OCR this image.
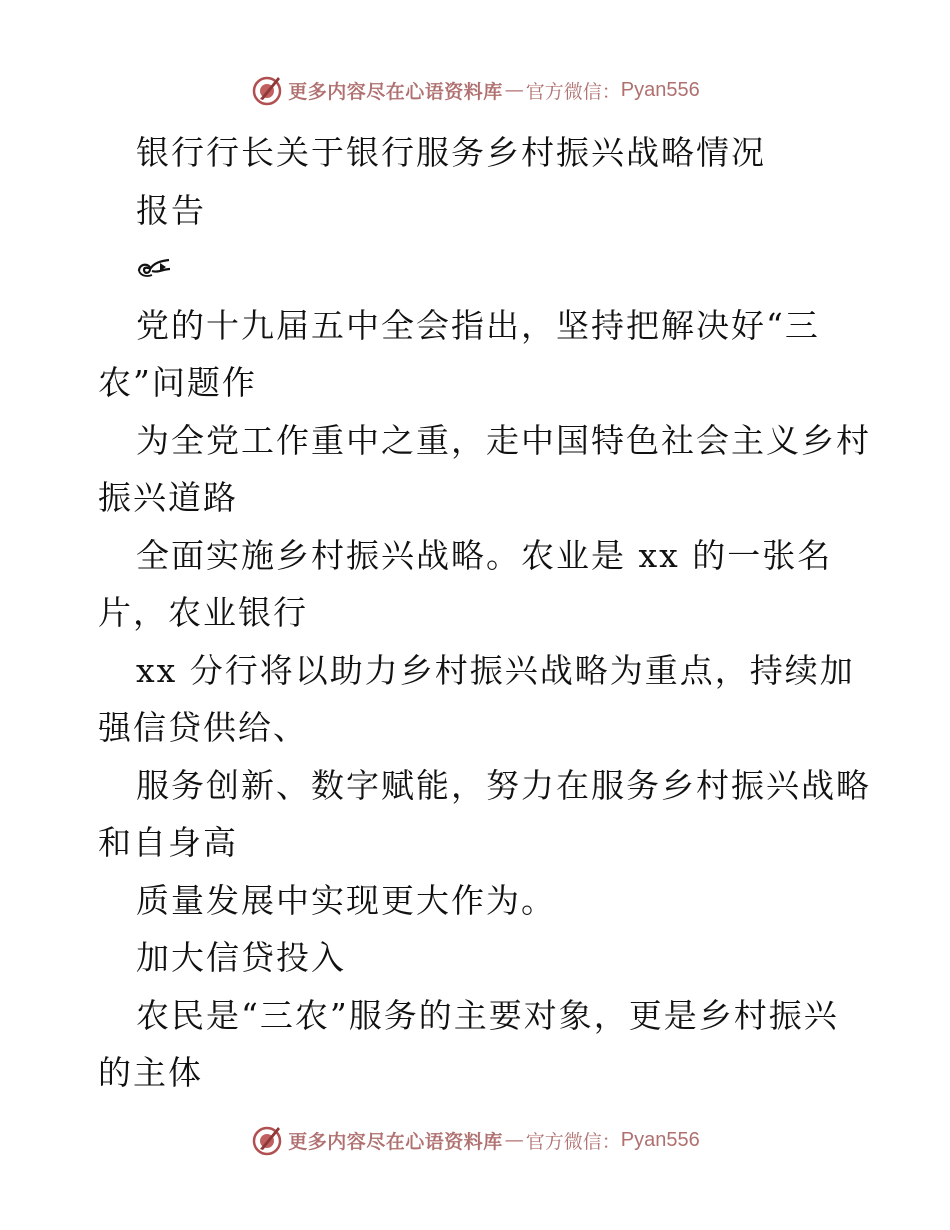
更多内容尽在心语资料库 — 官方微信： Pyan556
银行行长关于银行服务乡村振兴战略情况
报告
党的十九届五中全会指出，坚持把解决好“三
农”问题作
为全党工作重中之重，走中国特色社会主义乡村
振兴道路
全面实施乡村振兴战略。农业是 xx 的一张名
片，农业银行
xx 分行将以助力乡村振兴战略为重点，持续加
强信贷供给、
服务创新、数字赋能，努力在服务乡村振兴战略
和自身高
质量发展中实现更大作为。
加大信贷投入
农民是“三农”服务的主要对象，更是乡村振兴
的主体
更多内容尽在心语资料库 — 官方微信： Pyan556
